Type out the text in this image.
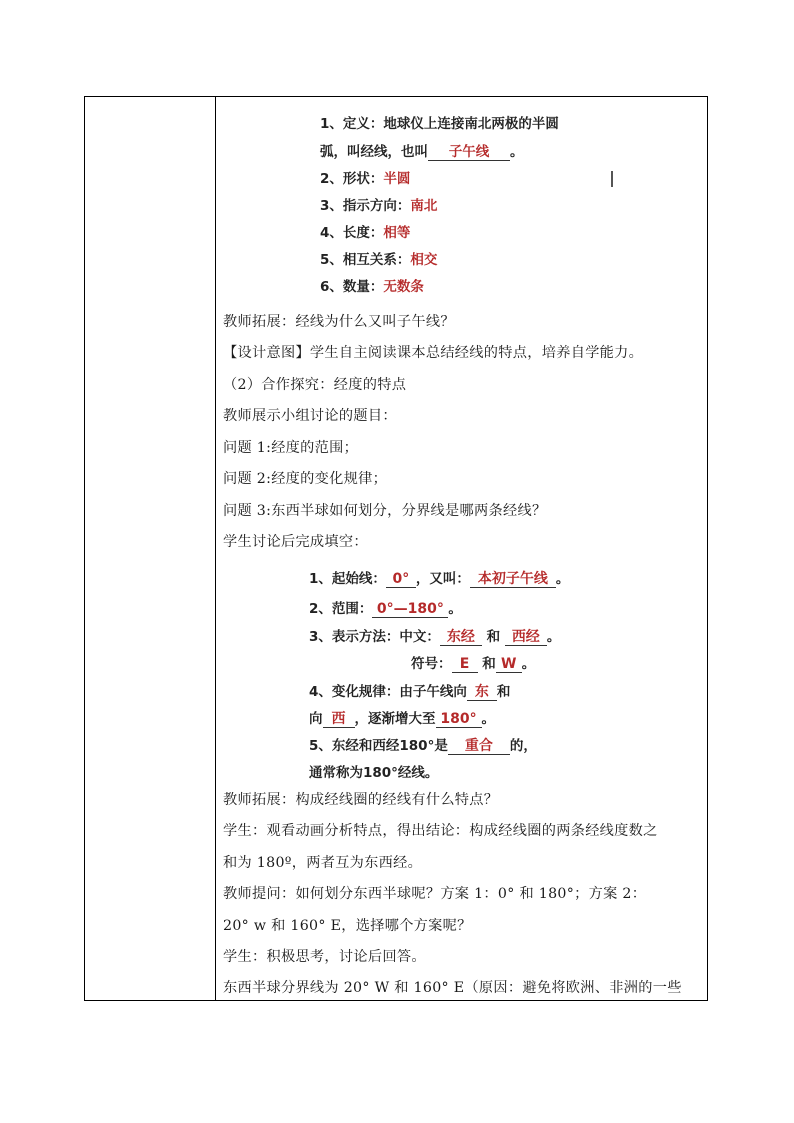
1、定义：地球仪上连接南北两极的半圆
弧，叫经线，也叫 子午线 。
2、形状：半圆
3、指示方向：南北
4、长度：相等
5、相互关系：相交
6、数量：无数条
教师拓展：经线为什么又叫子午线？
【设计意图】学生自主阅读课本总结经线的特点，培养自学能力。
（2）合作探究：经度的特点
教师展示小组讨论的题目：
问题 1:经度的范围；
问题 2:经度的变化规律；
问题 3:东西半球如何划分，分界线是哪两条经线？
学生讨论后完成填空：
1、起始线： 0° ，又叫： 本初子午线 。
2、范围： 0°—180° 。
3、表示方法：中文： 东经 和 西经 。
符号： E 和 W 。
4、变化规律：由子午线向 东 和
向 西 ，逐渐增大至 180° 。
5、东经和西经180°是 重合 的，
通常称为180°经线。
教师拓展：构成经线圈的经线有什么特点？
学生：观看动画分析特点，得出结论：构成经线圈的两条经线度数之
和为 180º，两者互为东西经。
教师提问：如何划分东西半球呢？方案 1：0° 和 180°；方案 2：
20° w 和 160° E，选择哪个方案呢？
学生：积极思考，讨论后回答。
东西半球分界线为 20° W 和 160° E（原因：避免将欧洲、非洲的一些
